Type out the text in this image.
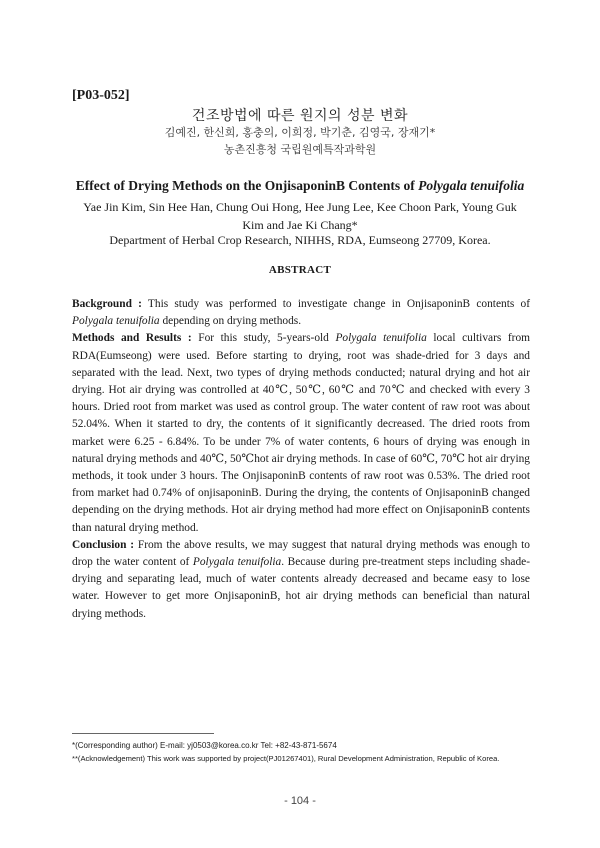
[P03-052]
건조방법에 따른 원지의 성분 변화
김예진, 한신희, 홍충의, 이희정, 박기춘, 김영국, 장재기*
농촌진흥청 국립원예특작과학원
Effect of Drying Methods on the OnjisaponinB Contents of Polygala tenuifolia
Yae Jin Kim, Sin Hee Han, Chung Oui Hong, Hee Jung Lee, Kee Choon Park, Young Guk Kim and Jae Ki Chang*
Department of Herbal Crop Research, NIHHS, RDA, Eumseong 27709, Korea.
ABSTRACT

Background : This study was performed to investigate change in OnjisaponinB contents of Polygala tenuifolia depending on drying methods.

Methods and Results : For this study, 5-years-old Polygala tenuifolia local cultivars from RDA(Eumseong) were used. Before starting to drying, root was shade-dried for 3 days and separated with the lead. Next, two types of drying methods conducted; natural drying and hot air drying. Hot air drying was controlled at 40℃, 50℃, 60℃ and 70℃ and checked with every 3 hours. Dried root from market was used as control group. The water content of raw root was about 52.04%. When it started to dry, the contents of it significantly decreased. The dried roots from market were 6.25 - 6.84%. To be under 7% of water contents, 6 hours of drying was enough in natural drying methods and 40℃, 50℃hot air drying methods. In case of 60℃, 70℃ hot air drying methods, it took under 3 hours. The OnjisaponinB contents of raw root was 0.53%. The dried root from market had 0.74% of onjisaponinB. During the drying, the contents of OnjisaponinB changed depending on the drying methods. Hot air drying method had more effect on OnjisaponinB contents than natural drying method.

Conclusion : From the above results, we may suggest that natural drying methods was enough to drop the water content of Polygala tenuifolia. Because during pre-treatment steps including shade-drying and separating lead, much of water contents already decreased and became easy to lose water. However to get more OnjisaponinB, hot air drying methods can beneficial than natural drying methods.

*(Corresponding author) E-mail: yj0503@korea.co.kr Tel: +82-43-871-5674
**(Acknowledgement) This work was supported by project(PJ01267401), Rural Development Administration, Republic of Korea.
- 104 -
